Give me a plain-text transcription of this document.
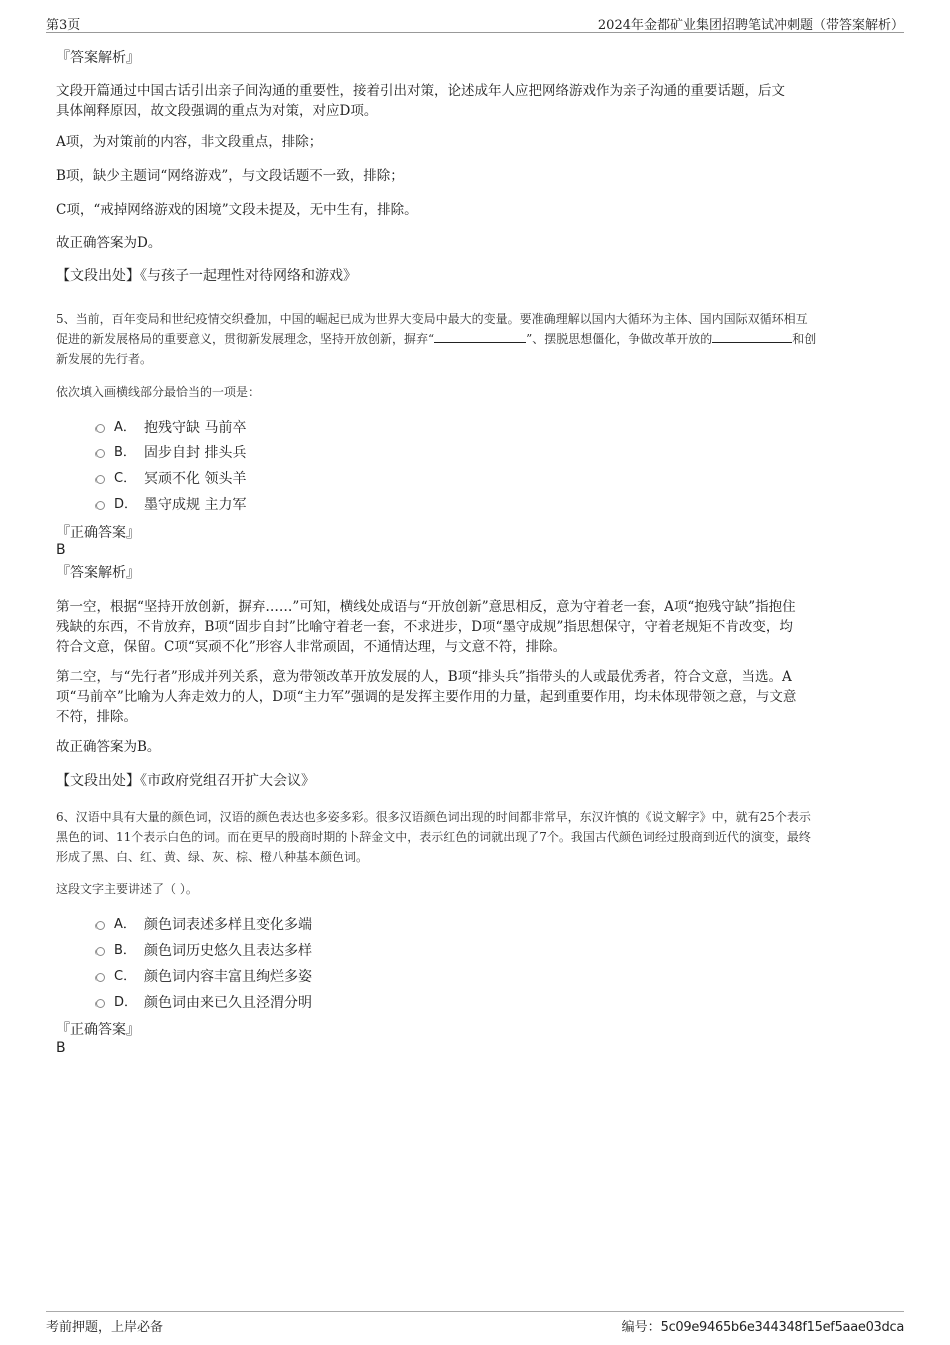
第3页	2024年金都矿业集团招聘笔试冲刺题（带答案解析）
『答案解析』
文段开篇通过中国古话引出亲子间沟通的重要性，接着引出对策，论述成年人应把网络游戏作为亲子沟通的重要话题，后文
具体阐释原因，故文段强调的重点为对策，对应D项。
A项，为对策前的内容，非文段重点，排除；
B项，缺少主题词“网络游戏”，与文段话题不一致，排除；
C项，“戒掉网络游戏的困境”文段未提及，无中生有，排除。
故正确答案为D。
【文段出处】《与孩子一起理性对待网络和游戏》
5、当前，百年变局和世纪疫情交织叠加，中国的崛起已成为世界大变局中最大的变量。要准确理解以国内大循环为主体、国内国际双循环相互
促进的新发展格局的重要意义，贯彻新发展理念，坚持开放创新，摒弃“	”、摆脱思想僵化，争做改革开放的	和创
新发展的先行者。
依次填入画横线部分最恰当的一项是：
A． 抱残守缺 马前卒
B． 固步自封 排头兵
C． 冥顽不化 领头羊
D． 墨守成规 主力军
『正确答案』
B
『答案解析』
第一空，根据“坚持开放创新，摒弃……”可知，横线处成语与“开放创新”意思相反，意为守着老一套，A项“抱残守缺”指抱住
残缺的东西，不肯放弃，B项“固步自封”比喻守着老一套，不求进步，D项“墨守成规”指思想保守，守着老规矩不肯改变，均
符合文意，保留。C项“冥顽不化”形容人非常顽固，不通情达理，与文意不符，排除。
第二空，与“先行者”形成并列关系，意为带领改革开放发展的人，B项“排头兵”指带头的人或最优秀者，符合文意，当选。A
项“马前卒”比喻为人奔走效力的人，D项“主力军”强调的是发挥主要作用的力量，起到重要作用，均未体现带领之意，与文意
不符，排除。
故正确答案为B。
【文段出处】《市政府党组召开扩大会议》
6、汉语中具有大量的颜色词，汉语的颜色表达也多姿多彩。很多汉语颜色词出现的时间都非常早，东汉许慎的《说文解字》中，就有25个表示
黑色的词、11个表示白色的词。而在更早的殷商时期的卜辞金文中，表示红色的词就出现了7个。我国古代颜色词经过殷商到近代的演变，最终
形成了黑、白、红、黄、绿、灰、棕、橙八种基本颜色词。
这段文字主要讲述了（ ）。
A． 颜色词表述多样且变化多端
B． 颜色词历史悠久且表达多样
C． 颜色词内容丰富且绚烂多姿
D． 颜色词由来已久且泾渭分明
『正确答案』
B
考前押题，上岸必备	编号：5c09e9465b6e344348f15ef5aae03dca
